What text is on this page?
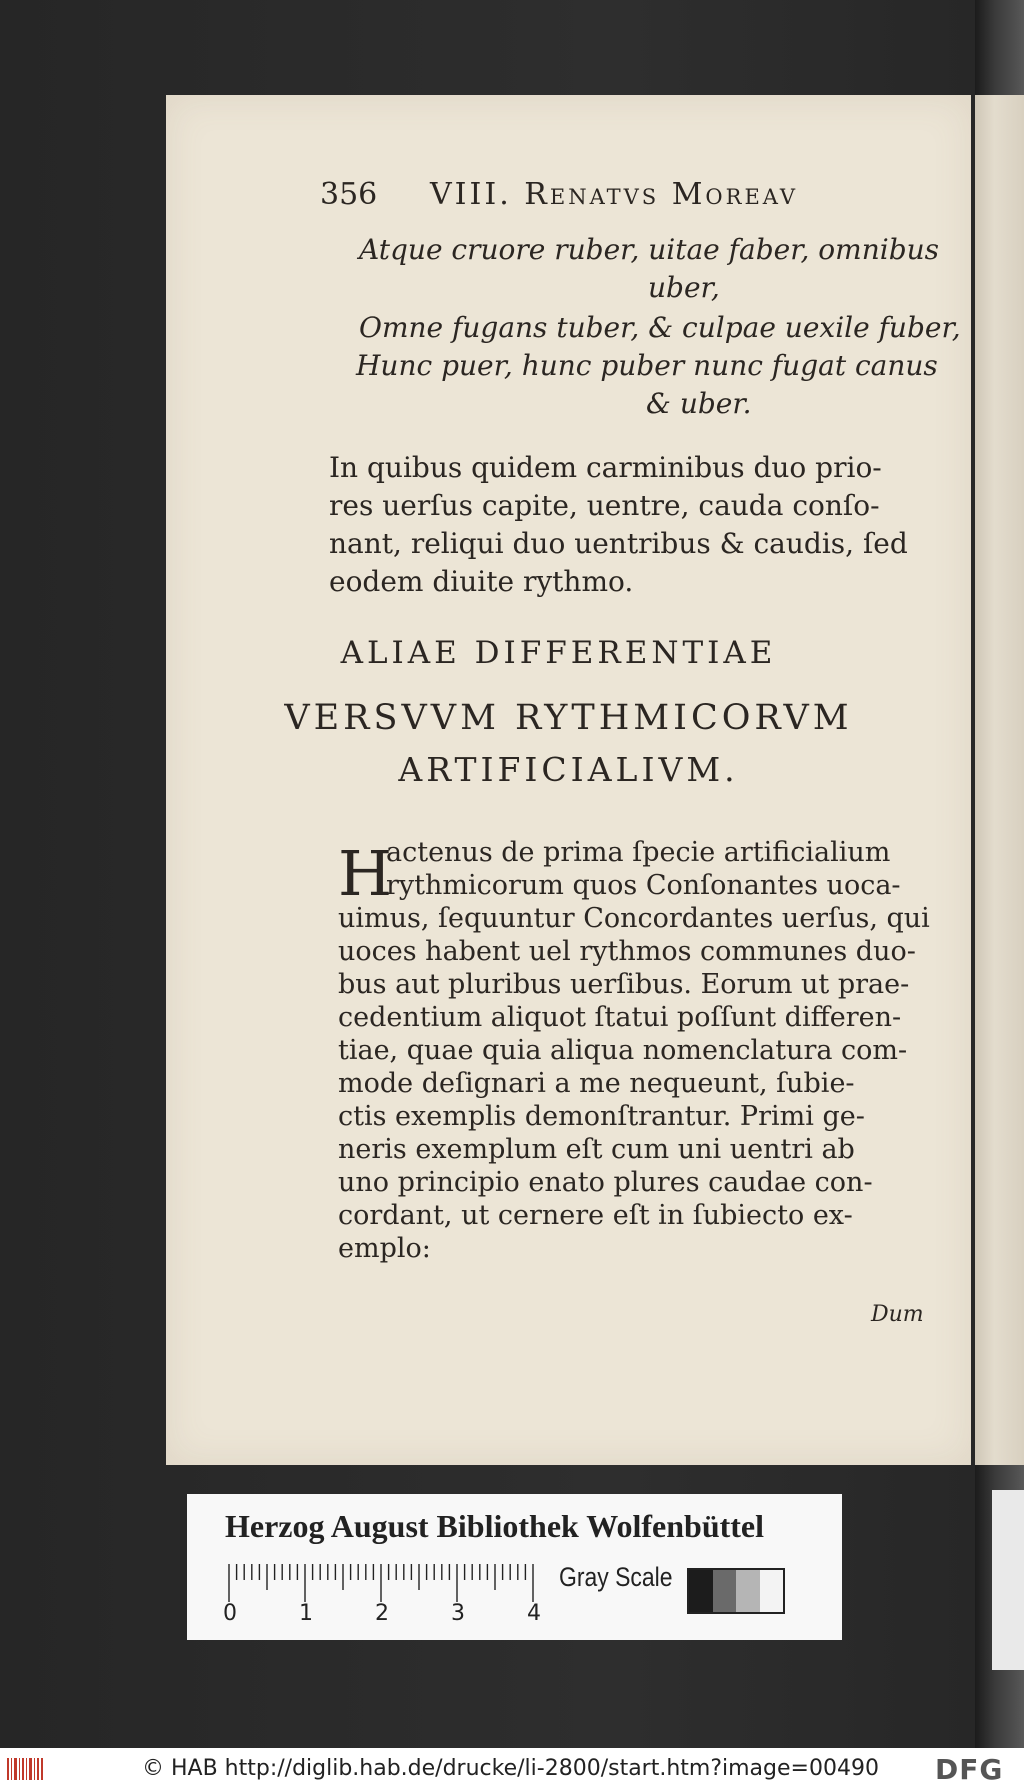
356 VIII. Renatvs Moreav
Atque cruore ruber, uitae faber, omnibus
uber,
Omne fugans tuber, & culpae uexile fuber,
Hunc puer, hunc puber nunc fugat canus
& uber.
In quibus quidem carminibus duo prio-
res uerſus capite, uentre, cauda conſo-
nant, reliqui duo uentribus & caudis, ſed
eodem diuite rythmo.
ALIAE DIFFERENTIAE
VERSVVM RYTHMICORVM
ARTIFICIALIVM.
H
actenus de prima ſpecie artificialium
rythmicorum quos Conſonantes uoca-
uimus, ſequuntur Concordantes uerſus, qui
uoces habent uel rythmos communes duo-
bus aut pluribus uerſibus. Eorum ut prae-
cedentium aliquot ſtatui poſſunt differen-
tiae, quae quia aliqua nomenclatura com-
mode deſignari a me nequeunt, ſubie-
ctis exemplis demonſtrantur. Primi ge-
neris exemplum eſt cum uni uentri ab
uno principio enato plures caudae con-
cordant, ut cernere eſt in ſubiecto ex-
emplo:
Dum
Herzog August Bibliothek Wolfenbüttel
0	1	2	3	4
Gray Scale
© HAB http://diglib.hab.de/drucke/li-2800/start.htm?image=00490 DFG
